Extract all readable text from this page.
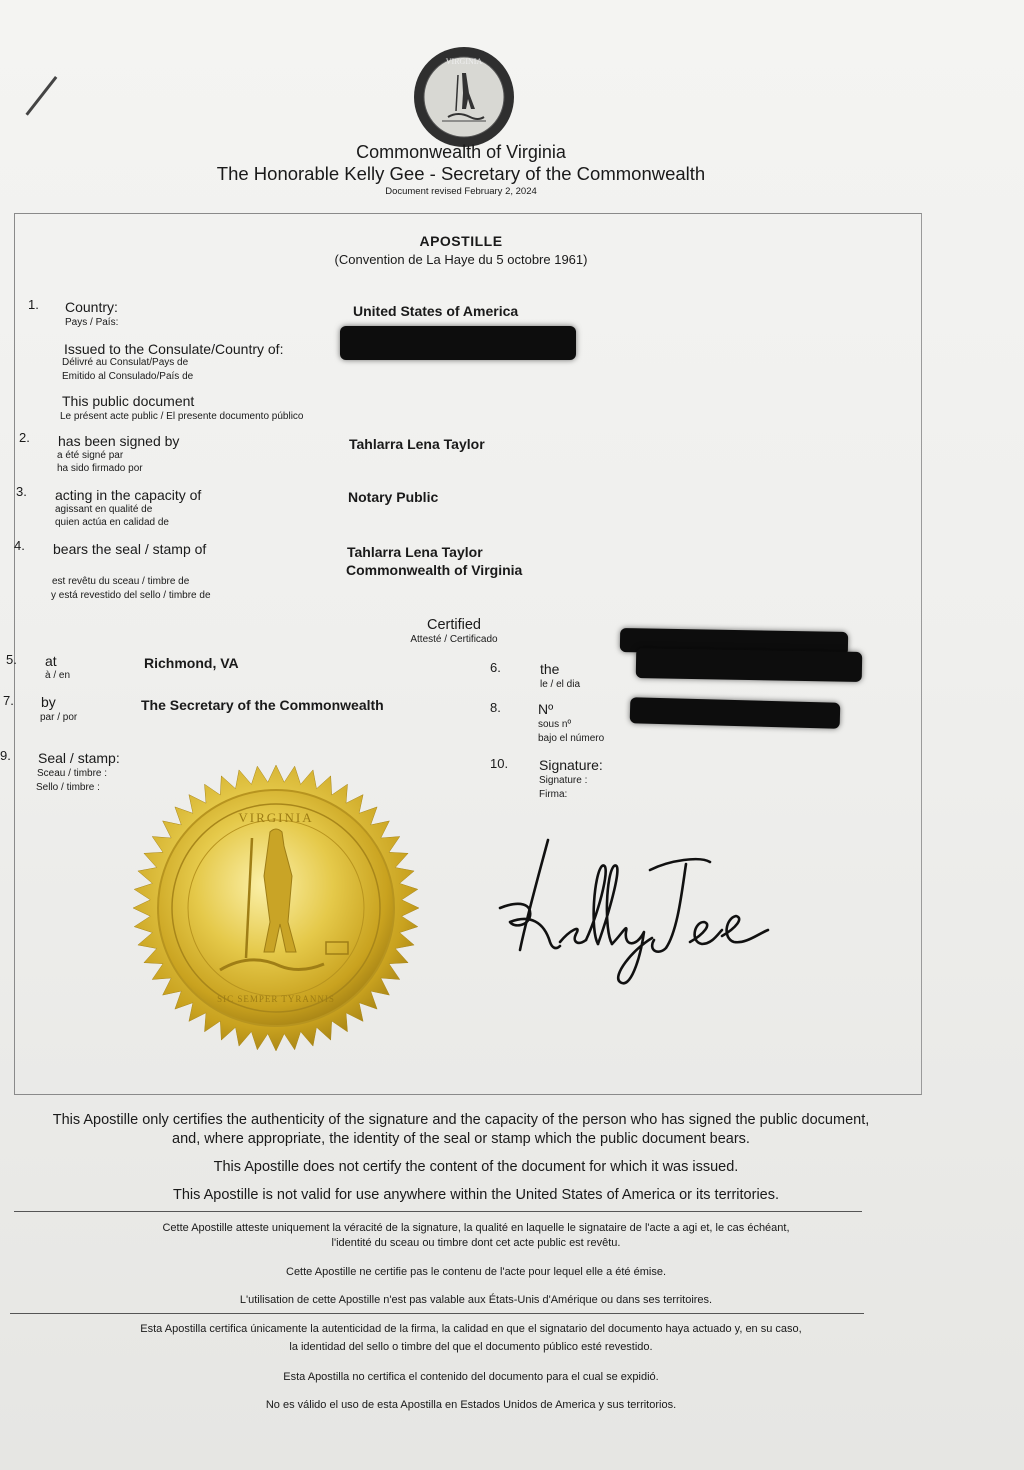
VIRGINIA
Commonwealth of Virginia
The Honorable Kelly Gee - Secretary of the Commonwealth
Document revised February 2, 2024
APOSTILLE
(Convention de La Haye du 5 octobre 1961)
1. Country:
Pays / País:
United States of America
Issued to the Consulate/Country of:
Délivré au Consulat/Pays de
Emitido al Consulado/País de
This public document
Le présent acte public / El presente documento público
2. has been signed by
a été signé par
ha sido firmado por
Tahlarra Lena Taylor
3. acting in the capacity of
agissant en qualité de
quien actúa en calidad de
Notary Public
4. bears the seal / stamp of
est revêtu du sceau / timbre de
y está revestido del sello / timbre de
Tahlarra Lena Taylor
Commonwealth of Virginia
Certified
Attesté / Certificado
5. at
à / en
Richmond, VA	6.	the
le / el dia
7. by
par / por
The Secretary of the Commonwealth	8.	Nº
sous nº
bajo el número
9. Seal / stamp:
Sceau / timbre :
Sello / timbre :
10. Signature:
Signature :
Firma:
VIRGINIA
SIC SEMPER TYRANNIS
This Apostille only certifies the authenticity of the signature and the capacity of the person who has signed the public document,
and, where appropriate, the identity of the seal or stamp which the public document bears.
This Apostille does not certify the content of the document for which it was issued.
This Apostille is not valid for use anywhere within the United States of America or its territories.
Cette Apostille atteste uniquement la véracité de la signature, la qualité en laquelle le signataire de l'acte a agi et, le cas échéant,
l'identité du sceau ou timbre dont cet acte public est revêtu.
Cette Apostille ne certifie pas le contenu de l'acte pour lequel elle a été émise.
L'utilisation de cette Apostille n'est pas valable aux États-Unis d'Amérique ou dans ses territoires.
Esta Apostilla certifica únicamente la autenticidad de la firma, la calidad en que el signatario del documento haya actuado y, en su caso,
la identidad del sello o timbre del que el documento público esté revestido.
Esta Apostilla no certifica el contenido del documento para el cual se expidió.
No es válido el uso de esta Apostilla en Estados Unidos de America y sus territorios.
